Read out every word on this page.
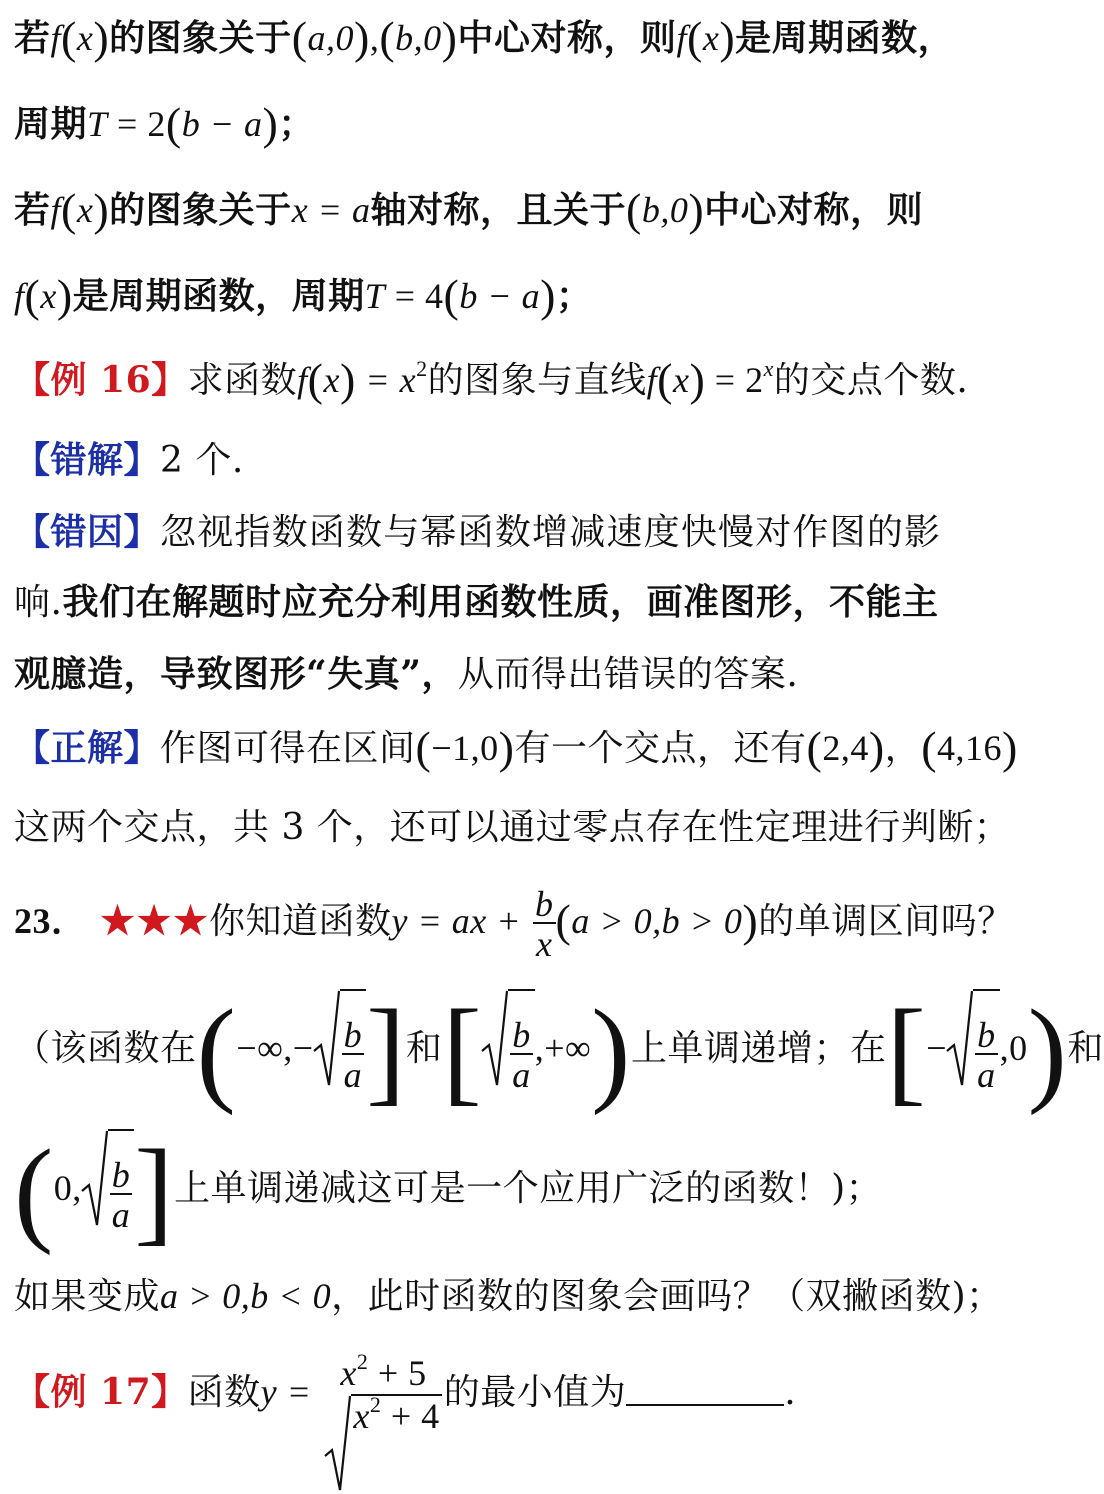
若f(x)的图象关于(a,0),(b,0)中心对称，则f(x)是周期函数，
周期T = 2(b − a)；
若f(x)的图象关于x = a轴对称，且关于(b,0)中心对称，则
f(x)是周期函数，周期T = 4(b − a)；
【例 16】求函数$f(x) = x^2$的图象与直线$f(x) = 2^x$的交点个数.
【错解】2 个.
【错因】忽视指数函数与幂函数增减速度快慢对作图的影
响.我们在解题时应充分利用函数性质，画准图形，不能主
观臆造，导致图形“失真”，从而得出错误的答案.
【正解】作图可得在区间(−1,0)有一个交点，还有(2,4)，(4,16)
这两个交点，共 3 个，还可以通过零点存在性定理进行判断；
23． ★★★你知道函数y = ax + $\frac{b}{x} (a > 0,b > 0)$的单调区间吗？
（该函数在(−∞,− $\frac{b}{a}$ ]和[ $\frac{b}{a}$ ,+∞)上单调递增；在[− $\frac{b}{a} ,0$)和
(0, $\frac{b}{a}$ ]上单调递减这可是一个应用广泛的函数！)；
如果变成a > 0,b < 0，此时函数的图象会画吗？（双撇函数)；
【例 17】函数$y = x^2 + 5$
$x^2 + 4$
的最小值为	.
